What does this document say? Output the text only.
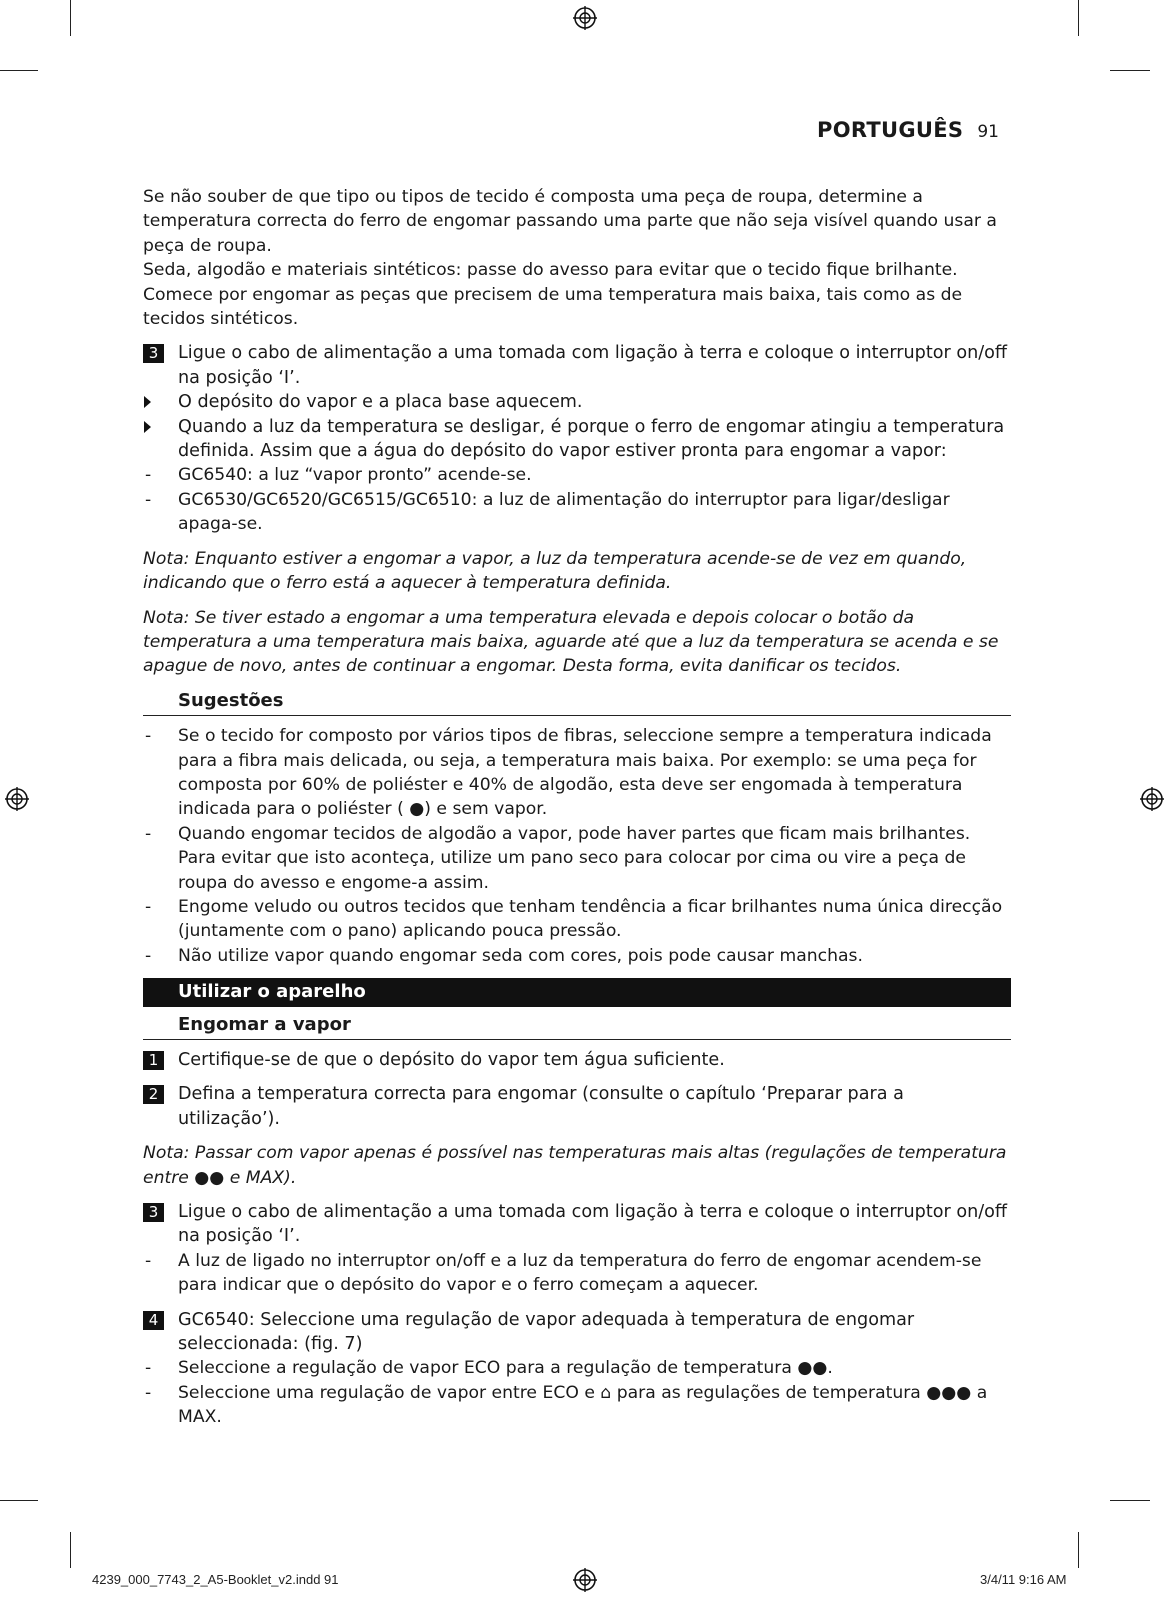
PORTUGUÊS 91

Se não souber de que tipo ou tipos de tecido é composta uma peça de roupa, determine a temperatura correcta do ferro de engomar passando uma parte que não seja visível quando usar a peça de roupa.

Seda, algodão e materiais sintéticos: passe do avesso para evitar que o tecido fique brilhante.

Comece por engomar as peças que precisem de uma temperatura mais baixa, tais como as de tecidos sintéticos.

3	Ligue o cabo de alimentação a uma tomada com ligação à terra e coloque o interruptor on/off na posição ‘I’.
O depósito do vapor e a placa base aquecem.
Quando a luz da temperatura se desligar, é porque o ferro de engomar atingiu a temperatura definida. Assim que a água do depósito do vapor estiver pronta para engomar a vapor:
- GC6540: a luz “vapor pronto” acende-se.
- GC6530/GC6520/GC6515/GC6510: a luz de alimentação do interruptor para ligar/desligar apaga-se.

Nota: Enquanto estiver a engomar a vapor, a luz da temperatura acende-se de vez em quando, indicando que o ferro está a aquecer à temperatura definida.

Nota: Se tiver estado a engomar a uma temperatura elevada e depois colocar o botão da temperatura a uma temperatura mais baixa, aguarde até que a luz da temperatura se acenda e se apague de novo, antes de continuar a engomar. Desta forma, evita danificar os tecidos.

Sugestões
- Se o tecido for composto por vários tipos de fibras, seleccione sempre a temperatura indicada para a fibra mais delicada, ou seja, a temperatura mais baixa. Por exemplo: se uma peça for composta por 60% de poliéster e 40% de algodão, esta deve ser engomada à temperatura indicada para o poliéster ( ●) e sem vapor.
- Quando engomar tecidos de algodão a vapor, pode haver partes que ficam mais brilhantes. Para evitar que isto aconteça, utilize um pano seco para colocar por cima ou vire a peça de roupa do avesso e engome-a assim.
- Engome veludo ou outros tecidos que tenham tendência a ficar brilhantes numa única direcção (juntamente com o pano) aplicando pouca pressão.
- Não utilize vapor quando engomar seda com cores, pois pode causar manchas.
Utilizar o aparelho
Engomar a vapor
1	Certifique-se de que o depósito do vapor tem água suficiente.
2	Defina a temperatura correcta para engomar (consulte o capítulo ‘Preparar para a utilização’).

Nota: Passar com vapor apenas é possível nas temperaturas mais altas (regulações de temperatura entre ●● e MAX).

3	Ligue o cabo de alimentação a uma tomada com ligação à terra e coloque o interruptor on/off na posição ‘I’.
- A luz de ligado no interruptor on/off e a luz da temperatura do ferro de engomar acendem-se para indicar que o depósito do vapor e o ferro começam a aquecer.
4	GC6540: Seleccione uma regulação de vapor adequada à temperatura de engomar seleccionada: (fig. 7)
- Seleccione a regulação de vapor ECO para a regulação de temperatura ●●.
- Seleccione uma regulação de vapor entre ECO e ⌂ para as regulações de temperatura ●●● a MAX.
4239_000_7743_2_A5-Booklet_v2.indd 91	3/4/11 9:16 AM
